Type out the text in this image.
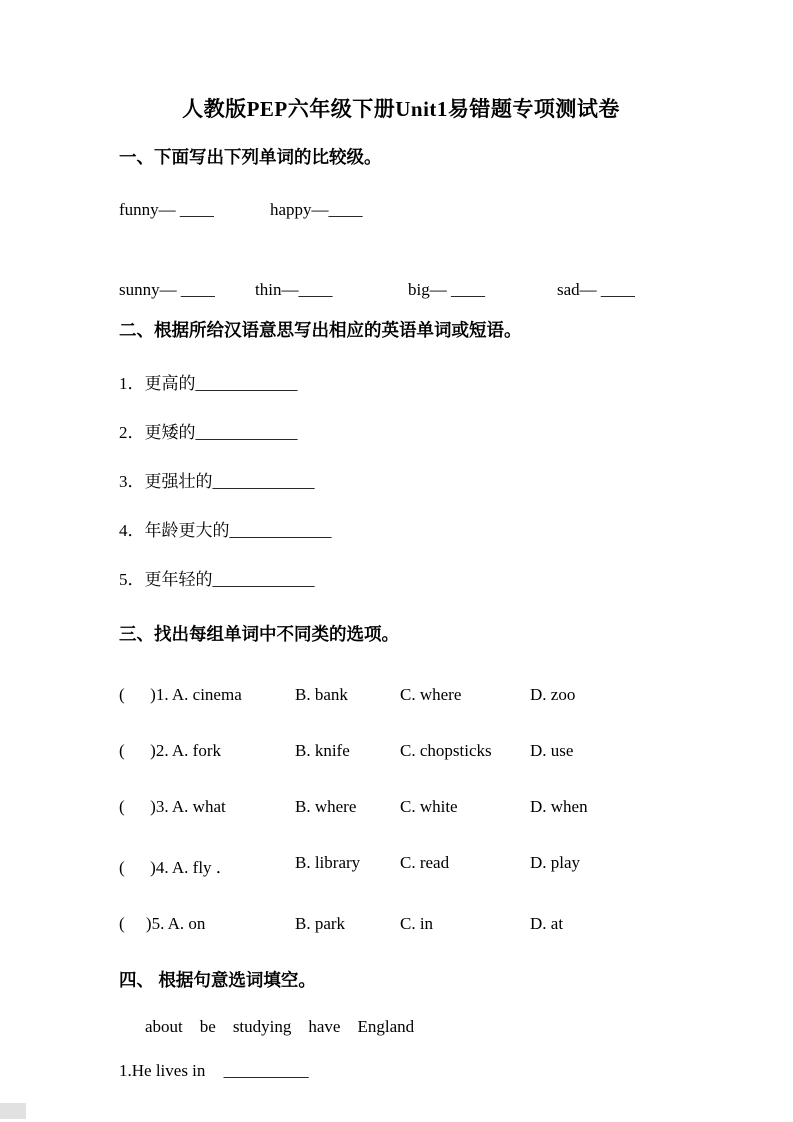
人教版PEP六年级下册Unit1易错题专项测试卷
一、下面写出下列单词的比较级。
funny— ____	happy—____
sunny— ____	thin—____	big— ____	sad— ____
二、根据所给汉语意思写出相应的英语单词或短语。
1．更高的____________
2．更矮的____________
3．更强壮的____________
4．年龄更大的____________
5．更年轻的____________
三、找出每组单词中不同类的选项。
(      )1. A. cinema	B. bank	C. where	D. zoo
(      )2. A. fork	B. knife	C. chopsticks	D. use
(      )3. A. what	B. where	C. white	D. when
(      )4. A. fly ．	B. library	C. read	D. play
(     )5. A. on	B. park	C. in	D. at
四、 根据句意选词填空。
about    be    studying    have    England
1.He lives in __________
